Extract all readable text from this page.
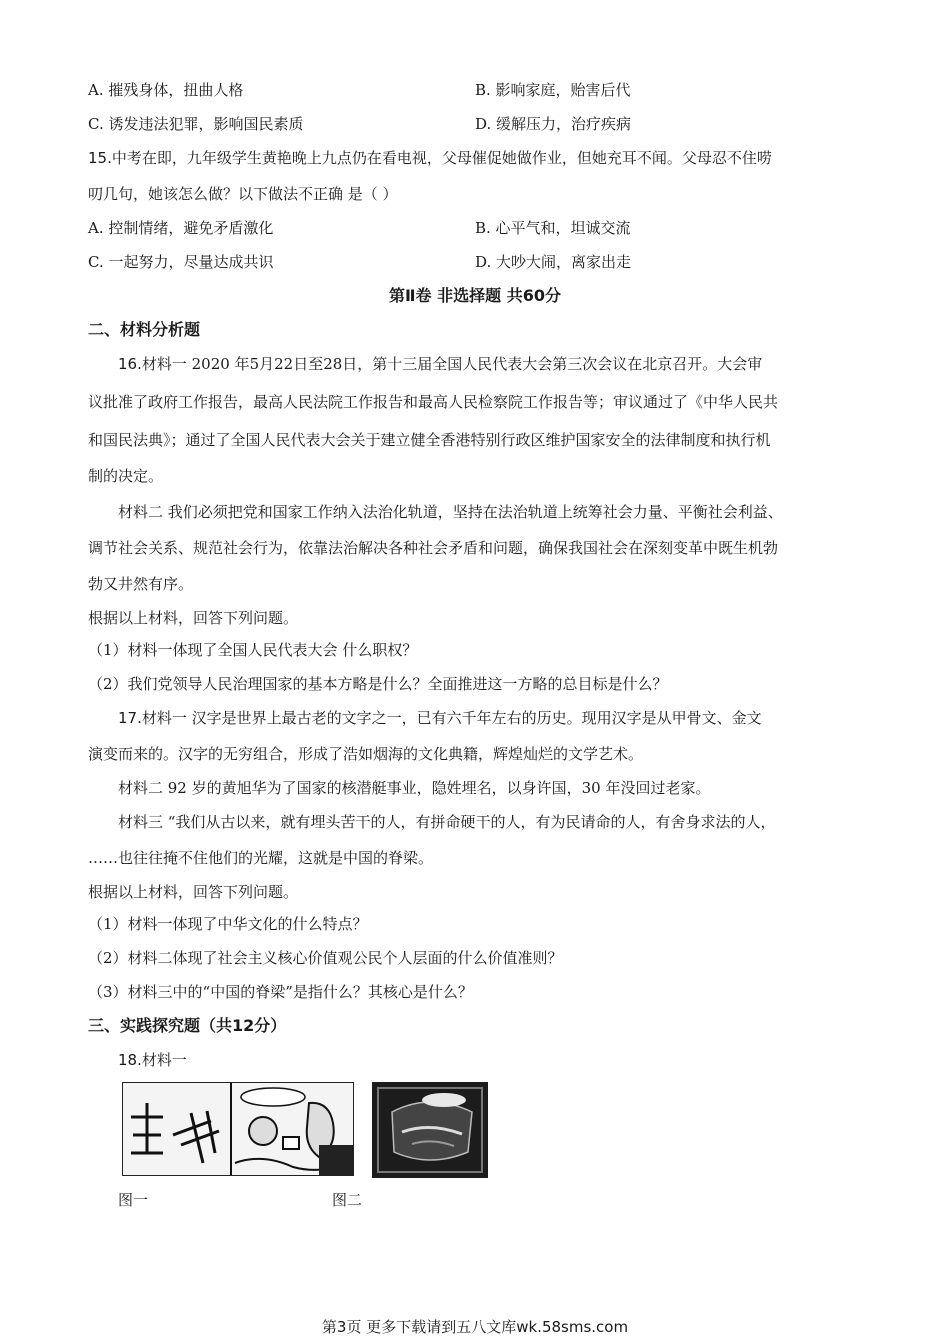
A. 摧残身体，扭曲人格	B. 影响家庭，贻害后代
C. 诱发违法犯罪，影响国民素质	D. 缓解压力，治疗疾病
15.中考在即，九年级学生黄艳晚上九点仍在看电视，父母催促她做作业，但她充耳不闻。父母忍不住唠
叨几句，她该怎么做？以下做法不正确 是（ ）
A. 控制情绪，避免矛盾激化	B. 心平气和，坦诚交流
C. 一起努力，尽量达成共识	D. 大吵大闹，离家出走
第Ⅱ卷 非选择题 共60分
二、材料分析题
16.材料一 2020 年5月22日至28日，第十三届全国人民代表大会第三次会议在北京召开。大会审
议批准了政府工作报告，最高人民法院工作报告和最高人民检察院工作报告等；审议通过了《中华人民共
和国民法典》；通过了全国人民代表大会关于建立健全香港特别行政区维护国家安全的法律制度和执行机
制的决定。
材料二 我们必须把党和国家工作纳入法治化轨道，坚持在法治轨道上统筹社会力量、平衡社会利益、
调节社会关系、规范社会行为，依靠法治解决各种社会矛盾和问题，确保我国社会在深刻变革中既生机勃
勃又井然有序。
根据以上材料，回答下列问题。
（1）材料一体现了全国人民代表大会 什么职权？
（2）我们党领导人民治理国家的基本方略是什么？全面推进这一方略的总目标是什么？
17.材料一 汉字是世界上最古老的文字之一，已有六千年左右的历史。现用汉字是从甲骨文、金文
演变而来的。汉字的无穷组合，形成了浩如烟海的文化典籍，辉煌灿烂的文学艺术。
材料二 92 岁的黄旭华为了国家的核潜艇事业，隐姓埋名，以身许国，30 年没回过老家。
材料三 “我们从古以来，就有埋头苦干的人，有拼命硬干的人，有为民请命的人，有舍身求法的人，
……也往往掩不住他们的光耀，这就是中国的脊梁。
根据以上材料，回答下列问题。
（1）材料一体现了中华文化的什么特点？
（2）材料二体现了社会主义核心价值观公民个人层面的什么价值准则？
（3）材料三中的“中国的脊梁”是指什么？其核心是什么？
三、实践探究题（共12分）
18.材料一
图一	图二
第3页 更多下载请到五八文库wk.58sms.com
